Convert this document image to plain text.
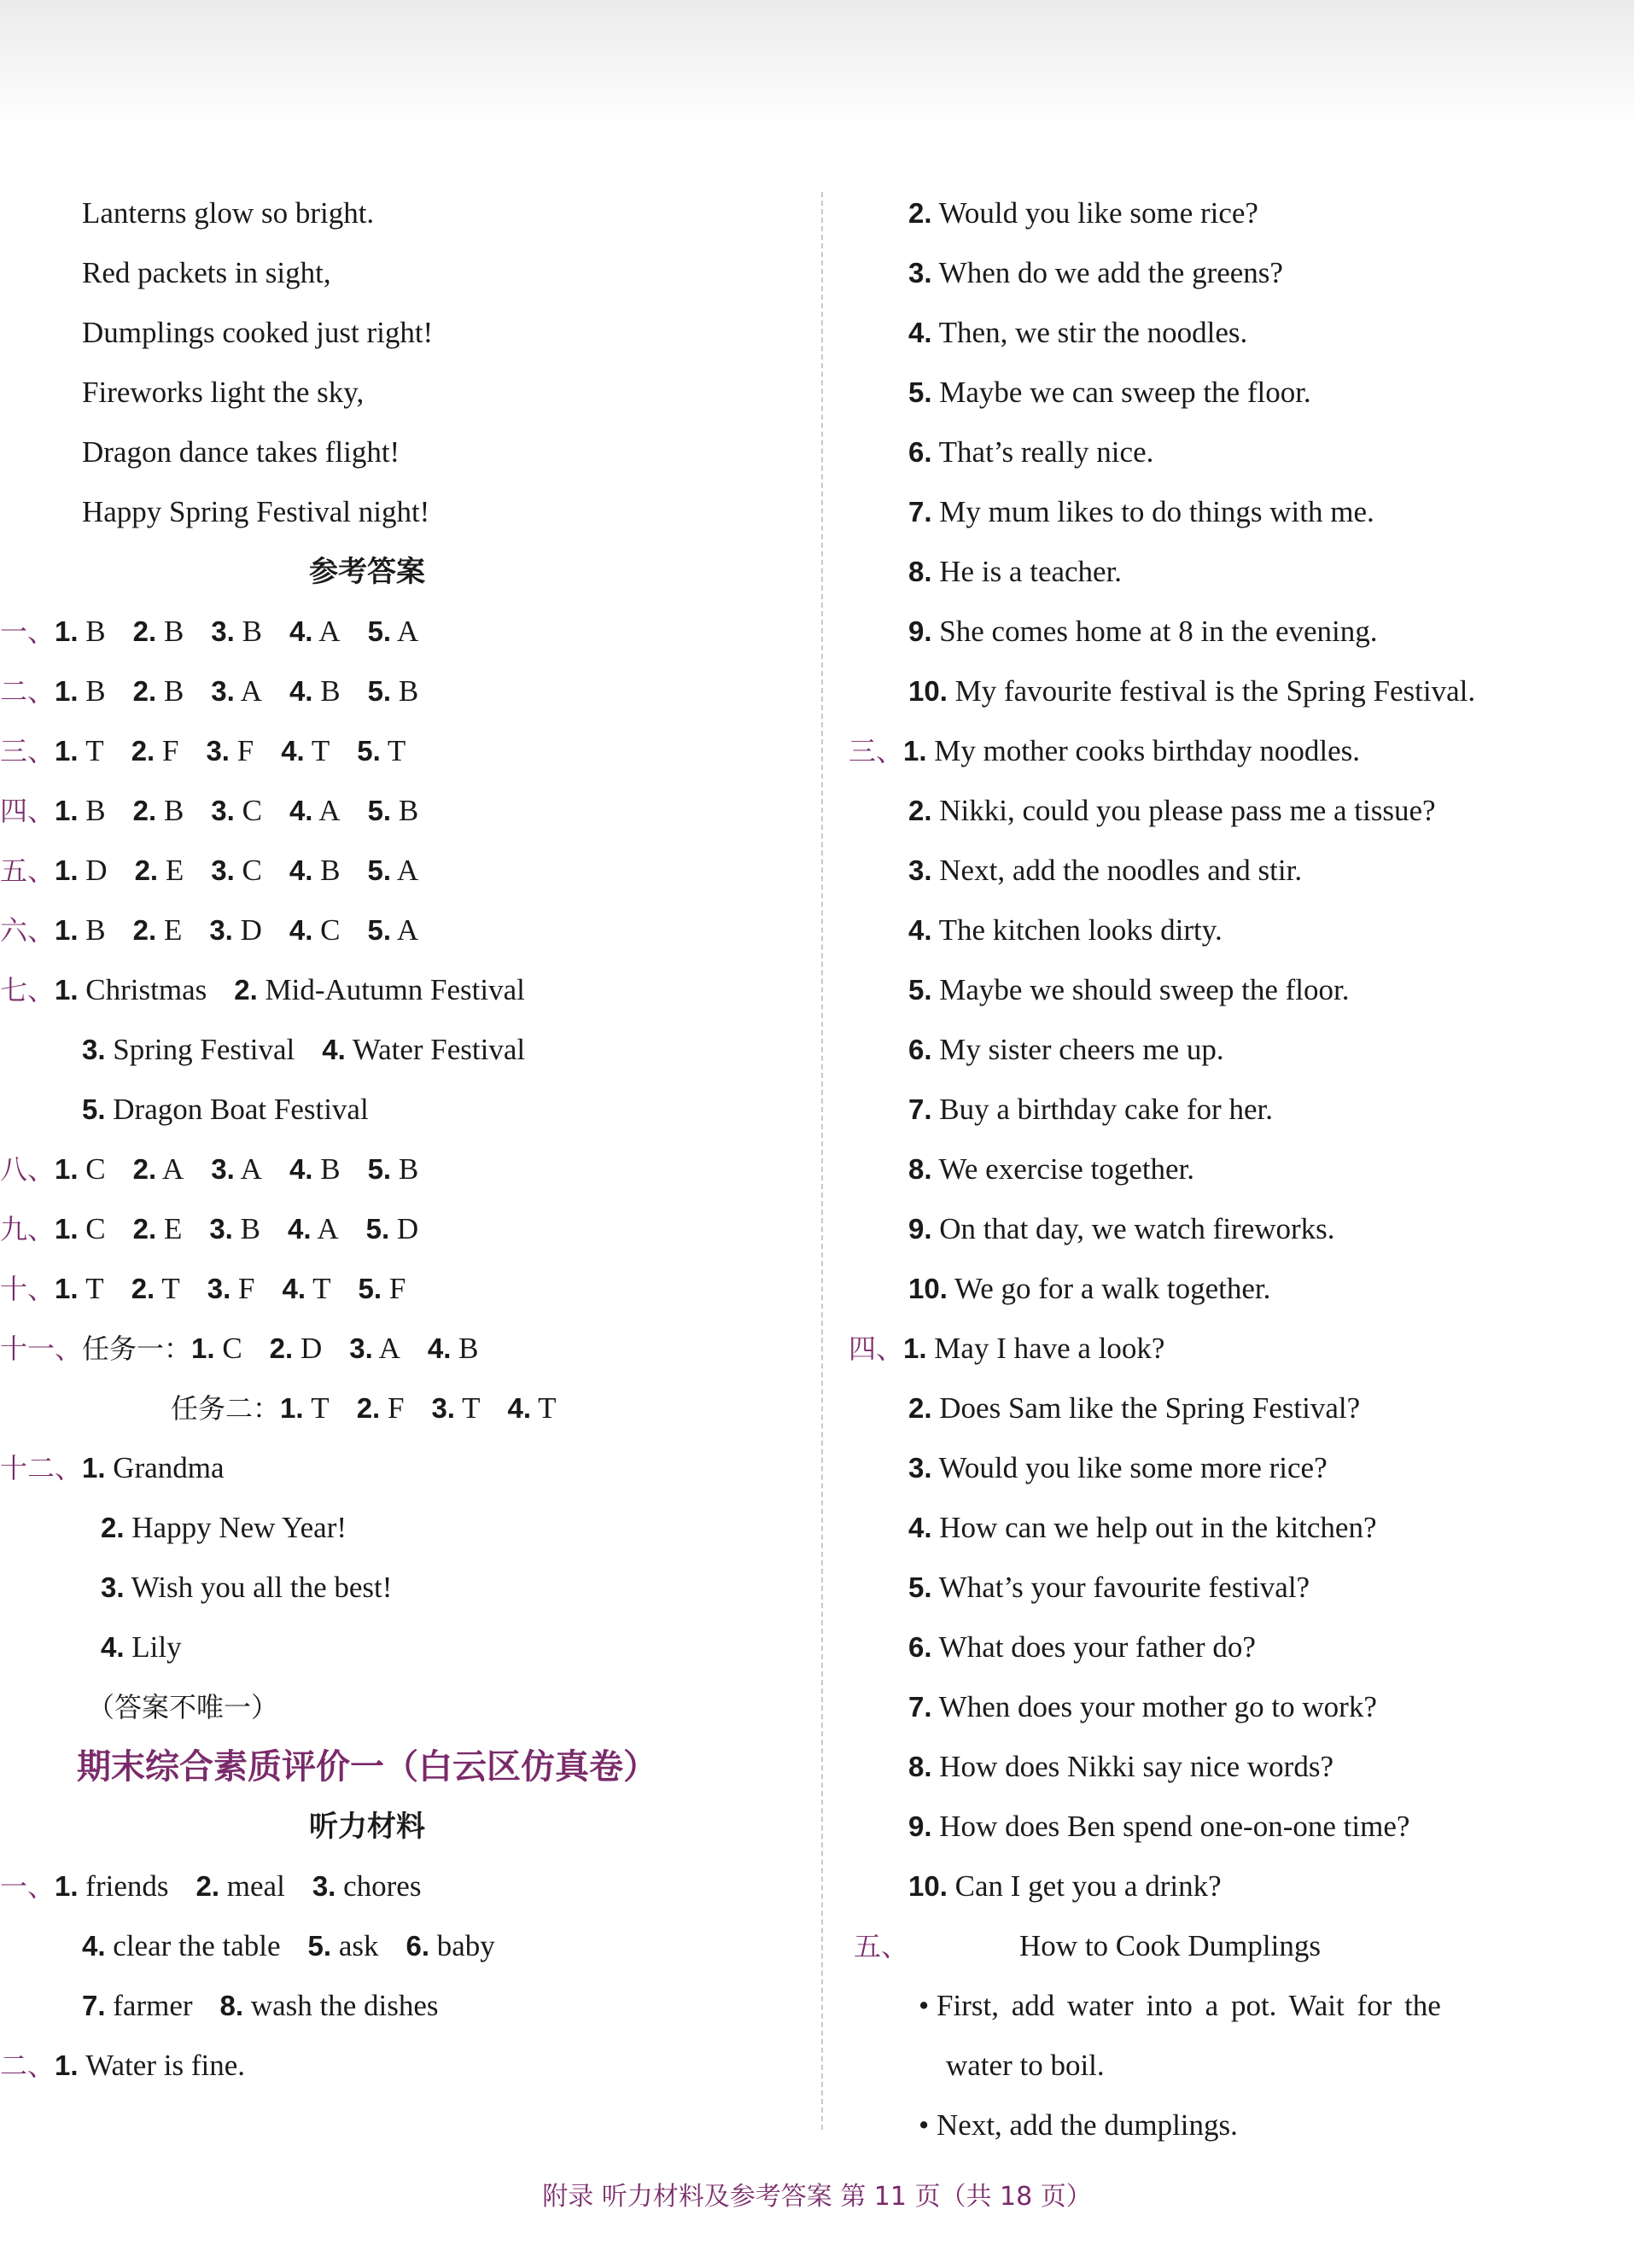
Lanterns glow so bright.
Red packets in sight,
Dumplings cooked just right!
Fireworks light the sky,
Dragon dance takes flight!
Happy Spring Festival night!
参考答案
一、1. B 2. B 3. B 4. A 5. A
二、1. B 2. B 3. A 4. B 5. B
三、1. T 2. F 3. F 4. T 5. T
四、1. B 2. B 3. C 4. A 5. B
五、1. D 2. E 3. C 4. B 5. A
六、1. B 2. E 3. D 4. C 5. A
七、1. Christmas 2. Mid-Autumn Festival
3. Spring Festival 4. Water Festival
5. Dragon Boat Festival
八、1. C 2. A 3. A 4. B 5. B
九、1. C 2. E 3. B 4. A 5. D
十、1. T 2. T 3. F 4. T 5. F
十一、任务一：1. C 2. D 3. A 4. B
任务二：1. T 2. F 3. T 4. T
十二、1. Grandma
2. Happy New Year!
3. Wish you all the best!
4. Lily
（答案不唯一）
期末综合素质评价一（白云区仿真卷）
听力材料
一、1. friends 2. meal 3. chores
4. clear the table 5. ask 6. baby
7. farmer 8. wash the dishes
二、1. Water is fine.
2. Would you like some rice?
3. When do we add the greens?
4. Then, we stir the noodles.
5. Maybe we can sweep the floor.
6. That’s really nice.
7. My mum likes to do things with me.
8. He is a teacher.
9. She comes home at 8 in the evening.
10. My favourite festival is the Spring Festival.
三、1. My mother cooks birthday noodles.
2. Nikki, could you please pass me a tissue?
3. Next, add the noodles and stir.
4. The kitchen looks dirty.
5. Maybe we should sweep the floor.
6. My sister cheers me up.
7. Buy a birthday cake for her.
8. We exercise together.
9. On that day, we watch fireworks.
10. We go for a walk together.
四、1. May I have a look?
2. Does Sam like the Spring Festival?
3. Would you like some more rice?
4. How can we help out in the kitchen?
5. What’s your favourite festival?
6. What does your father do?
7. When does your mother go to work?
8. How does Nikki say nice words?
9. How does Ben spend one-on-one time?
10. Can I get you a drink?
五、	How to Cook Dumplings
• First, add water into a pot. Wait for the
water to boil.
• Next, add the dumplings.
附录 听力材料及参考答案 第 11 页（共 18 页）
